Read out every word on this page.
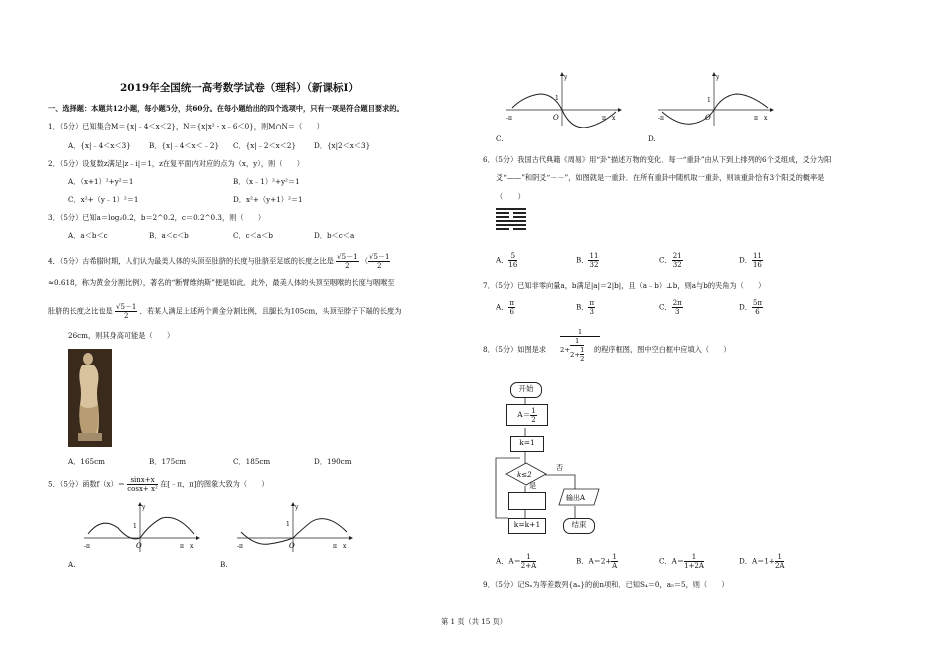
2019年全国统一高考数学试卷（理科）（新课标Ⅰ）
一、选择题：本题共12小题，每小题5分，共60分。在每小题给出的四个选项中，只有一项是符合题目要求的。
1．（5分）已知集合M＝{x|﹣4＜x＜2}，N＝{x|x² - x﹣6＜0}，则M∩N＝（　　）
A．{x|﹣4＜x＜3}	B．{x|﹣4＜x＜﹣2} C．{x|﹣2＜x＜2} D．{x|2＜x＜3}
2．（5分）设复数z满足|z﹣i|＝1，z在复平面内对应的点为（x，y），则（　　）
A．（x+1）²+y²＝1	B．（x﹣1）²+y²＝1
C．x²+（y﹣1）²＝1	D．x²+（y+1）²＝1
3．（5分）已知a＝log₂0.2，b＝2^0.2，c＝0.2^0.3，则（　　）
A．a＜b＜c	B．a＜c＜b	C．c＜a＜b	D．b＜c＜a
4．（5分）古希腊时期，人们认为最美人体的头顶至肚脐的长度与肚脐至足底的长度之比是 $\frac{√5-1}{2}$ （ $\frac{√5-1}{2}$
≈0.618，称为黄金分割比例），著名的“断臂维纳斯”便是如此．此外，最美人体的头顶至咽喉的长度与咽喉至
肚脐的长度之比也是 $\frac{√5-1}{2}$ ．若某人满足上述两个黄金分割比例，且腿长为105cm，头顶至脖子下端的长度为
26cm，则其身高可能是（　　）
A．165cm	B．175cm	C．185cm	D．190cm
5．（5分）函数$f(x)= \frac{\sin x+x}{\text{cosx+ x²}}$ 在[﹣π，π]的图象大致为（　　）
y
x
-π	π
O
1
A.
y
x
-π	π
O
1
B.
y
x
-π	π
O
1
C.
y
x
-π	π
O
1
D.
6．（5分）我国古代典籍《周易》用“卦”描述万物的变化．每一“重卦”由从下到上排列的6个爻组成，爻分为阳
爻“——”和阴爻“－－”，如图就是一重卦．在所有重卦中随机取一重卦，则该重卦恰有3个阳爻的概率是
（　　）
A． $\frac{5}{16}$	B． $\frac{11}{32}$	C． $\frac{21}{32}$	D． $\frac{11}{16}$
7．（5分）已知非零向量a，b满足|a|＝2|b|，且（a﹣b）⊥b，则a与b的夹角为（　　）
A． $\frac{\pi}{6}$	B． $\frac{\pi}{3}$	C． $\frac{2\pi}{3}$	D． $\frac{5\pi}{6}$
8．（5分）如图是求
1
$2+ \frac{1}{2+ \frac{1}{2}}$ 的程序框图，图中空白框中应填入（　　）
开始
$A= \frac{1}{2}$
k=1
k≤2
否
是
输出A
k=k+1	结束
A．$A= \frac{1}{2+A}$	B．$A=2+ \frac{1}{A}$	C．$A= \frac{1}{1+2A}$	D．$A=1+ \frac{1}{2A}$
9．（5分）记Sₙ为等差数列{aₙ}的前n项和．已知S₄＝0，a₅＝5，则（　　）
第 1 页（共 15 页）
